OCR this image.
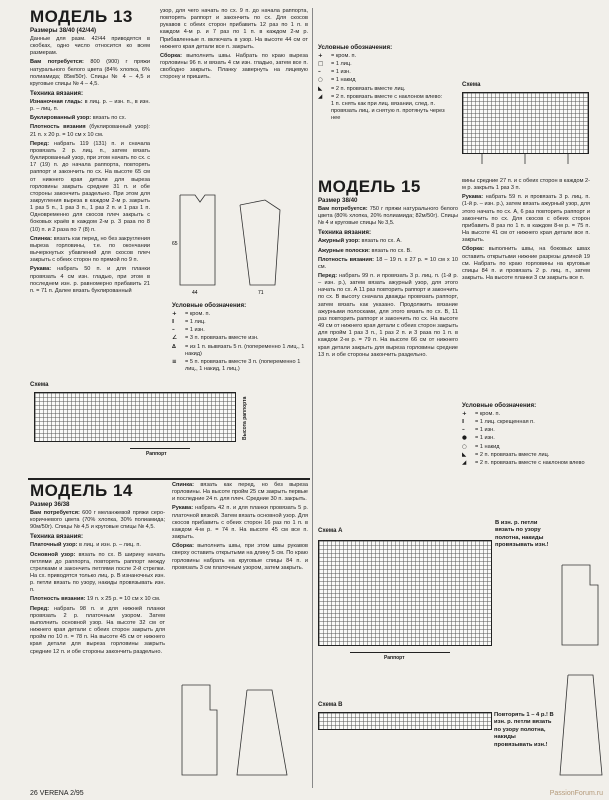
МОДЕЛЬ 13
Размеры 38/40 (42/44)

Данные для разм. 42/44 приводятся в скобках, одно число относится ко всем размерам.

Вам потребуется: 800 (900) г пряжи натурального белого цвета (84% хлопка, 6% полиамида; 85м/50г). Спицы № 4 – 4,5 и круговые спицы № 4 – 4,5.

Техника вязания:

Изнаночная гладь: в лиц. р. – изн. п., в изн. р. – лиц. п.

Буклированный узор: вязать по сх.

Плотность вязания (буклированный узор): 21 п. x 20 р. = 10 см x 10 см.

Перед: набрать 119 (131) п. и сначала провязать 2 р. лиц. п., затем вязать буклированный узор, при этом начать по сх. с 17 (19) п. до начала раппорта, повторять раппорт и закончить по сх. На высоте 65 см от нижнего края детали для выреза горловины закрыть средние 31 п. и обе стороны закончить раздельно. При этом для закругления выреза в каждом 2-м р. закрыть 1 раз 5 п., 1 раз 3 п., 1 раз 2 п. и 1 раз 1 п. Одновременно для скосов плеч закрыть с боковых краёв в каждом 2-м р. 3 раза по 8 (10) п. и 2 раза по 7 (8) п.

Спинка: вязать как перед, но без закругления выреза горловины, т.е. по окончании вычеркнутых убавлений для скосов плеч закрыть с обеих сторон по прямой по 9 п.

Рукава: набрать 50 п. и для планки провязать 4 см изн. гладью, при этом в последнем изн. р. равномерно прибавить 21 п. = 71 п. Далее вязать буклированный

узор, для чего начать по сх. 9 п. до начала раппорта, повторять раппорт и закончить по сх. Для скосов рукавов с обеих сторон прибавить 12 раз по 1 п. в каждом 4-м р. и 7 раз по 1 п. в каждом 2-м р. Прибавленные п. включать в узор. На высоте 44 см от нижнего края детали все п. закрыть.

Сборка: выполнить швы. Набрать по краю выреза горловины 96 п. и вязать 4 см изн. гладью, затем все п. свободно закрыть. Планку завернуть на лицевую сторону и пришить.

65
44	71
Условные обозначения:
+	= кром. п.
I	= 1 лиц.
–	= 1 изн.
∠	= 3 п. провязать вместе изн.
∆	= из 1 п. вывязать 5 п. (попеременно 1 лиц., 1 накид)
≡	= 5 п. провязать вместе 3 п. (попеременно 1 лиц., 1 накид, 1 лиц.)
Схема
Раппорт
Высота раппорта
МОДЕЛЬ 14
Размер 36/38

Вам потребуется: 600 г меланжевой пряжи серо-коричневого цвета (70% хлопка, 30% полиамида; 90м/50г). Спицы № 4,5 и круговые спицы № 4,5.

Техника вязания:

Платочный узор: в лиц. и изн. р. – лиц. п.

Основной узор: вязать по сх. В ширину начать петлями до раппорта, повторять раппорт между стрелками и закончить петлями после 2-й стрелки. На сх. приводятся только лиц. р. В изнаночных изн. р. петли вязать по узору, накиды провязывать изн. п.

Плотность вязания: 19 п. x 25 р. = 10 см x 10 см.

Перед: набрать 98 п. и для нижней планки провязать 2 р. платочным узором. Затем выполнить основной узор. На высоте 32 см от нижнего края детали с обеих сторон закрыть для пройм по 10 п. = 78 п. На высоте 45 см от нижнего края детали для выреза горловины закрыть средние 12 п. и обе стороны закончить раздельно.

Спинка: вязать как перед, но без выреза горловины. На высоте пройм 25 см закрыть первые и последние 24 п. для плеч. Средние 30 п. закрыть.

Рукава: набрать 42 п. и для планки провязать 5 р. платочной вязкой. Затем вязать основной узор. Для скосов прибавить с обеих сторон 16 раз по 1 п. в каждом 4-м р. = 74 п. На высоте 45 см все п. закрыть.

Сборка: выполнить швы, при этом швы рукавов сверху оставить открытыми на длину 5 см. По краю горловины набрать на круговые спицы 84 п. и провязать 3 см платочным узором, затем закрыть.

Условные обозначения:
+	= кром. п.
□	= 1 лиц.
–	= 1 изн.
○	= 1 накид
◣	= 2 п. провязать вместе лиц.
◢	= 2 п. провязать вместе с наклоном влево: 1 п. снять как при лиц. вязании, след. п. провязать лиц. и снятую п. протянуть через нее
Схема
МОДЕЛЬ 15
Размер 38/40

Вам потребуется: 750 г пряжи натурального белого цвета (80% хлопка, 20% полиамида; 82м/50г). Спицы № 4 и круговые спицы № 3,5.

Техника вязания:

Ажурный узор: вязать по сх. А.

Ажурные полоски: вязать по сх. В.

Плотность вязания: 18 – 19 п. x 27 р. = 10 см x 10 см.

Перед: набрать 99 п. и провязать 3 р. лиц. п. (1-й р. – изн. р.), затем вязать ажурный узор, для этого начать по сх. А 11 раз повторить раппорт и закончить по сх. В высоту сначала дважды провязать раппорт, затем вязать как указано. Продолжить вязание ажурными полосками, для этого вязать по сх. В, 11 раз повторить раппорт и закончить по сх. На высоте 49 см от нижнего края детали с обеих сторон закрыть для пройм 1 раз 3 п., 1 раз 2 п. и 3 раза по 1 п. в каждом 2-м р. = 79 п. На высоте 66 см от нижнего края детали закрыть для выреза горловины средние 13 п. и обе стороны закончить раздельно.

вины средние 27 п. и с обеих сторон в каждом 2-м р. закрыть 1 раз 3 п.

Рукава: набрать 59 п. и провязать 3 р. лиц. п. (1-й р. – изн. р.), затем вязать ажурный узор, для этого начать по сх. А, 6 раз повторить раппорт и закончить по сх. Для скосов с обеих сторон прибавить 8 раз по 1 п. в каждом 8-м р. = 75 п. На высоте 41 см от нижнего края детали все п. закрыть.

Сборка: выполнить швы, на боковых швах оставить открытыми нижние разрезы длиной 19 см. Набрать по краю горловины на круговые спицы 84 п. и провязать 2 р. лиц. п., затем закрыть. На высоте планки 3 см закрыть все п.

Условные обозначения:
+	= кром. п.
I	= 1 лиц. скрещенная п.
–	= 1 изн.
●	= 1 изн.
○	= 1 накид
◣	= 2 п. провязать вместе лиц.
◢	= 2 п. провязать вместе с наклоном влево
Схема А
Раппорт
В изн. р. петли вязать по узору полотна, накиды провязывать изн.!
Повторять 1 – 4 р.! В изн. р. петли вязать по узору полотна, накиды провязывать изн.!
Схема В
26 VERENA 2/95	PassionForum.ru
